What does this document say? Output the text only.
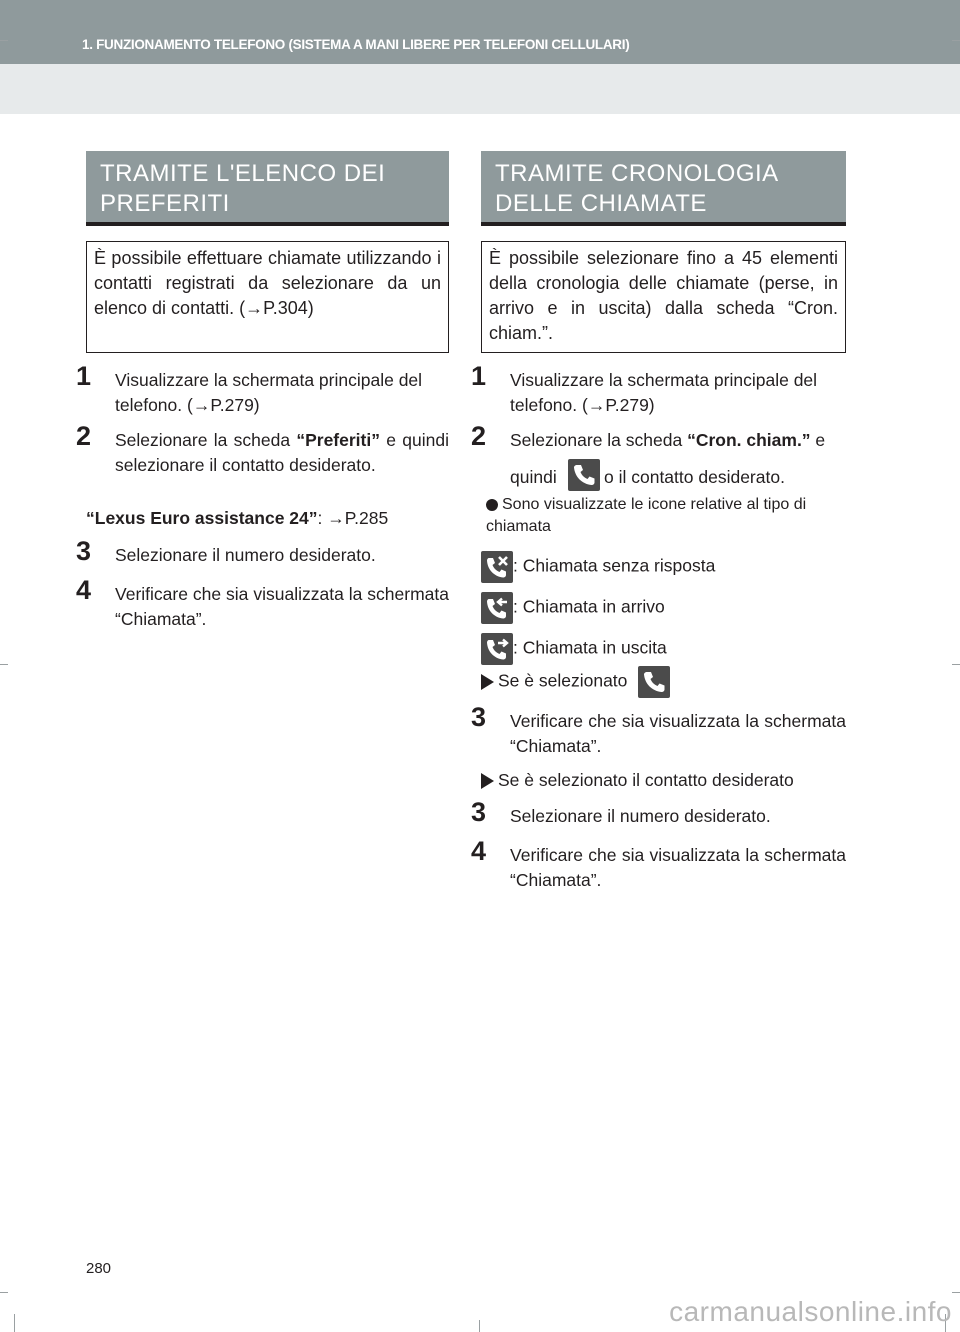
1. FUNZIONAMENTO TELEFONO (SISTEMA A MANI LIBERE PER TELEFONI CELLULARI)
TRAMITE L'ELENCO DEI
PREFERITI
È possibile effettuare chiamate utilizzando i contatti registrati da selezionare da un elenco di contatti. (→P.304)
1 Visualizzare la schermata principale del telefono. (→P.279)
2 Selezionare la scheda “Preferiti” e quindi selezionare il contatto desiderato.
“Lexus Euro assistance 24”: →P.285
3 Selezionare il numero desiderato.
4 Verificare che sia visualizzata la schermata “Chiamata”.
TRAMITE CRONOLOGIA
DELLE CHIAMATE
È possibile selezionare fino a 45 elementi della cronologia delle chiamate (perse, in arrivo e in uscita) dalla scheda “Cron. chiam.”.
1 Visualizzare la schermata principale del telefono. (→P.279)
2 Selezionare la scheda “Cron. chiam.” e
quindi	o il contatto desiderato.
Sono visualizzate le icone relative al tipo di chiamata
: Chiamata senza risposta
: Chiamata in arrivo
: Chiamata in uscita
Se è selezionato
3 Verificare che sia visualizzata la schermata “Chiamata”.
Se è selezionato il contatto desiderato
3 Selezionare il numero desiderato.
4 Verificare che sia visualizzata la schermata “Chiamata”.
280
carmanualsonline.info
